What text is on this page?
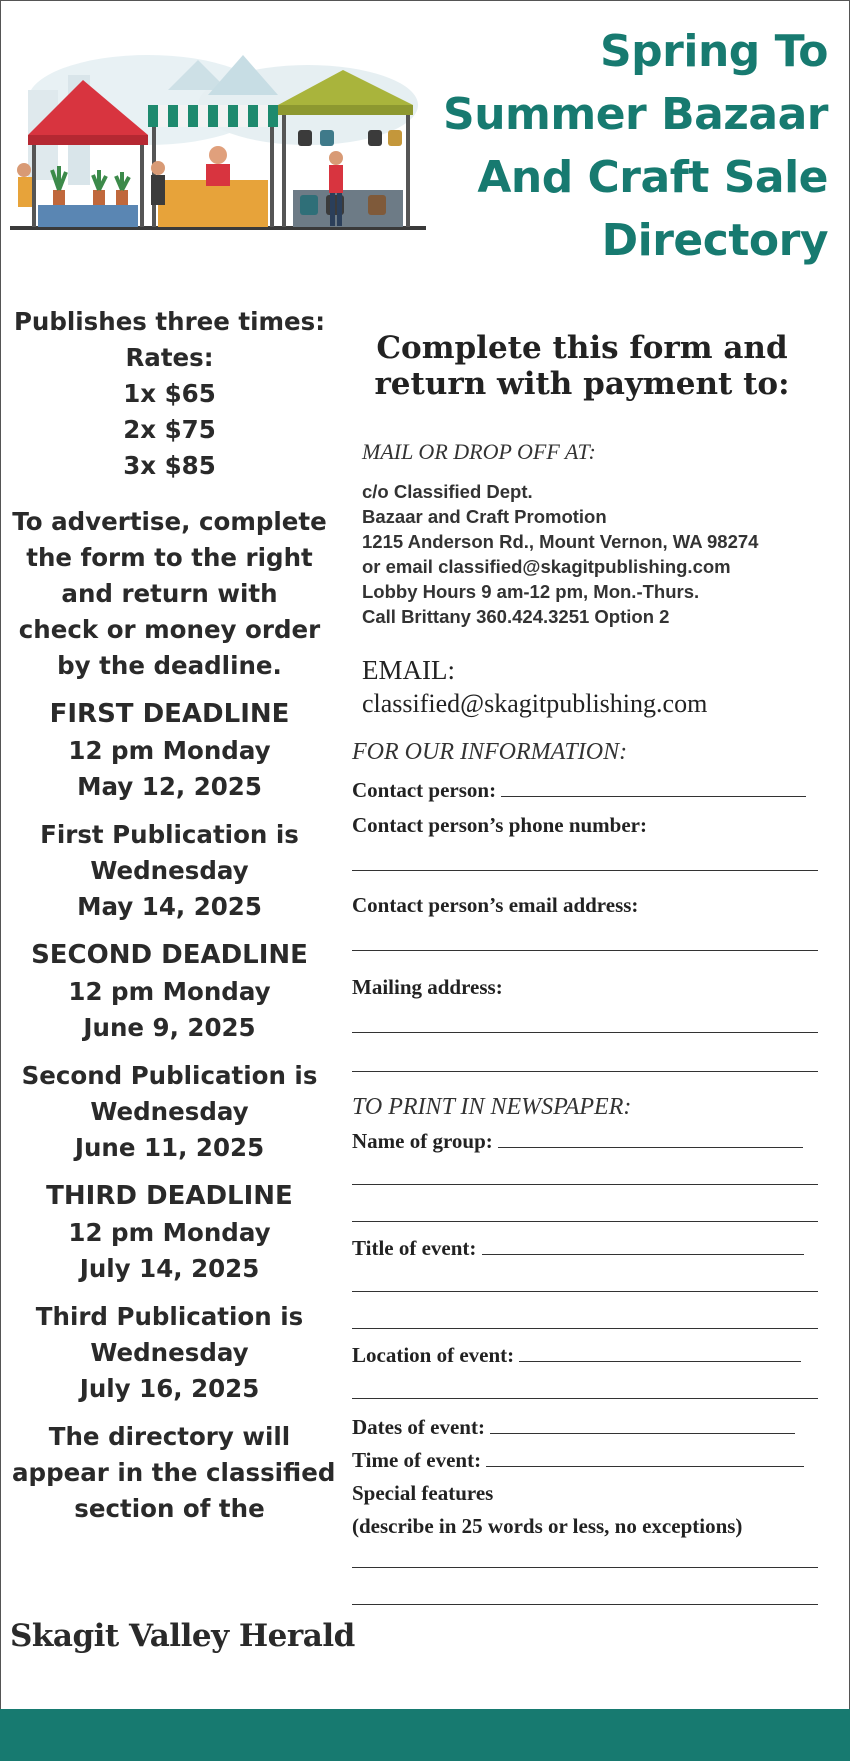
Spring To
Summer Bazaar
And Craft Sale
Directory
Publishes three times:
Rates:
1x $65
2x $75
3x $85
To advertise, complete
the form to the right
and return with
check or money order
by the deadline.
FIRST DEADLINE
12 pm Monday
May 12, 2025
First Publication is
Wednesday
May 14, 2025
SECOND DEADLINE
12 pm Monday
June 9, 2025
Second Publication is
Wednesday
June 11, 2025
THIRD DEADLINE
12 pm Monday
July 14, 2025
Third Publication is
Wednesday
July 16, 2025
The directory will
appear in the classified
section of the
Skagit Valley Herald
Complete this form and
return with payment to:
MAIL OR DROP OFF AT:
c/o Classified Dept.
Bazaar and Craft Promotion
1215 Anderson Rd., Mount Vernon, WA 98274
or email classified@skagitpublishing.com
Lobby Hours 9 am-12 pm, Mon.-Thurs.
Call Brittany 360.424.3251 Option 2
EMAIL:
classified@skagitpublishing.com
FOR OUR INFORMATION:
Contact person:
Contact person’s phone number:
Contact person’s email address:
Mailing address:
TO PRINT IN NEWSPAPER:
Name of group:
Title of event:
Location of event:
Dates of event:
Time of event:
Special features
(describe in 25 words or less, no exceptions)
